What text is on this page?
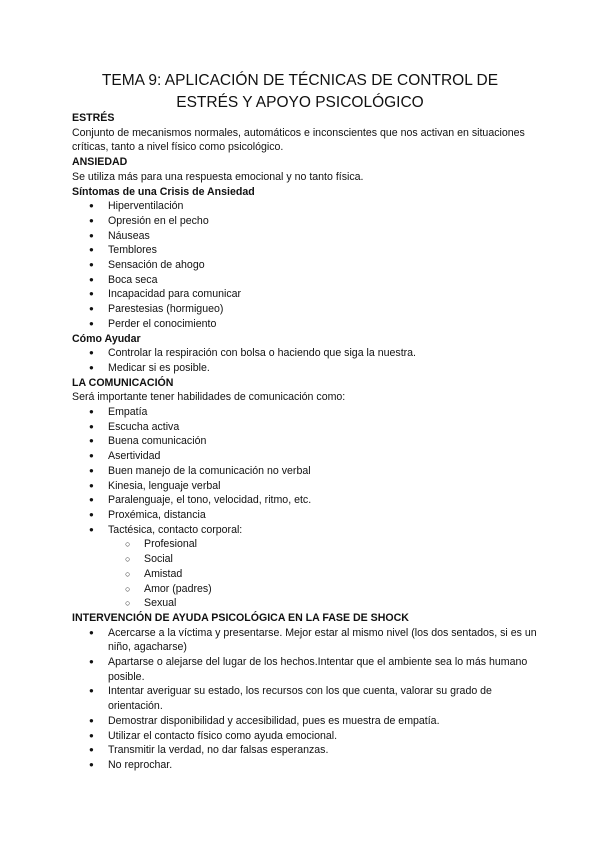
TEMA 9: APLICACIÓN DE TÉCNICAS DE CONTROL DE
ESTRÉS Y APOYO PSICOLÓGICO

ESTRÉS

Conjunto de mecanismos normales, automáticos e inconscientes que nos activan en situaciones críticas, tanto a nivel físico como psicológico.

ANSIEDAD

Se utiliza más para una respuesta emocional y no tanto física.

Síntomas de una Crisis de Ansiedad

● Hiperventilación
● Opresión en el pecho
● Náuseas
● Temblores
● Sensación de ahogo
● Boca seca
● Incapacidad para comunicar
● Parestesias (hormigueo)
● Perder el conocimiento

Cómo Ayudar

● Controlar la respiración con bolsa o haciendo que siga la nuestra.
● Medicar si es posible.

LA COMUNICACIÓN

Será importante tener habilidades de comunicación como:

● Empatía
● Escucha activa
● Buena comunicación
● Asertividad
● Buen manejo de la comunicación no verbal
● Kinesia, lenguaje verbal
● Paralenguaje, el tono, velocidad, ritmo, etc.
● Proxémica, distancia
● Tactésica, contacto corporal:
○ Profesional
○ Social
○ Amistad
○ Amor (padres)
○ Sexual

INTERVENCIÓN DE AYUDA PSICOLÓGICA EN LA FASE DE SHOCK

● Acercarse a la víctima y presentarse. Mejor estar al mismo nivel (los dos sentados, si es un niño, agacharse)
● Apartarse o alejarse del lugar de los hechos.Intentar que el ambiente sea lo más humano posible.
● Intentar averiguar su estado, los recursos con los que cuenta, valorar su grado de orientación.
● Demostrar disponibilidad y accesibilidad, pues es muestra de empatía.
● Utilizar el contacto físico como ayuda emocional.
● Transmitir la verdad, no dar falsas esperanzas.
● No reprochar.
